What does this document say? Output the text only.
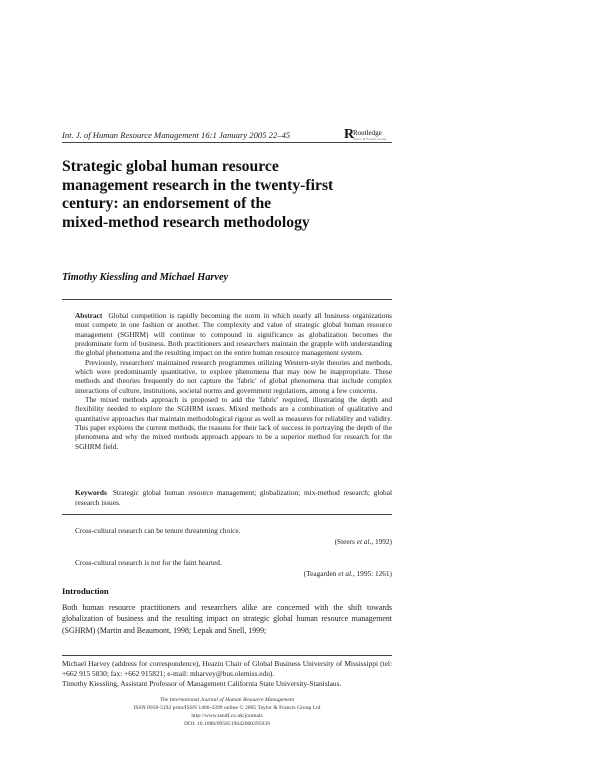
Int. J. of Human Resource Management 16:1 January 2005 22–45	R
Routledge
Taylor & Francis Group
Strategic global human resource
management research in the twenty-first
century: an endorsement of the
mixed-method research methodology
Timothy Kiessling and Michael Harvey

Abstract Global competition is rapidly becoming the norm in which nearly all business organizations must compete in one fashion or another. The complexity and value of strategic global human resource management (SGHRM) will continue to compound in significance as globalization becomes the predominate form of business. Both practitioners and researchers maintain the grapple with understanding the global phenomena and the resulting impact on the entire human resource management system.

Previously, researchers' maintained research programmes utilizing Western-style theories and methods, which were predominantly quantitative, to explore phenomena that may now be inappropriate. These methods and theories frequently do not capture the 'fabric' of global phenomena that include complex interactions of culture, institutions, societal norms and government regulations, among a few concerns.

The mixed methods approach is proposed to add the 'fabric' required, illustrating the depth and flexibility needed to explore the SGHRM issues. Mixed methods are a combination of qualitative and quantitative approaches that maintain methodological rigour as well as measures for reliability and validity. This paper explores the current methods, the reasons for their lack of success in portraying the depth of the phenomena and why the mixed methods approach appears to be a superior method for research for the SGHRM field.

Keywords Strategic global human resource management; globalization; mix-method research; global research issues.
Cross-cultural research can be tenure threatening choice.
(Steers et al., 1992)
Cross-cultural research is not for the faint hearted.
(Teagarden et al., 1995: 1261)
Introduction

Both human resource practitioners and researchers alike are concerned with the shift towards globalization of business and the resulting impact on strategic global human resource management (SGHRM) (Martin and Beaumont, 1998; Lepak and Snell, 1999;

Michael Harvey (address for correspondence), Heazin Chair of Global Business University of Mississippi (tel: +662 915 5830; fax: +662 915821; e-mail: mharvey@bus.olemiss.edu).

Timothy Kiessling, Assistant Professor of Management California State University-Stanislaus.

The International Journal of Human Resource Management
ISSN 0958-5192 print/ISSN 1466-4399 online © 2005 Taylor & Francis Group Ltd
http://www.tandf.co.uk/journals
DOI: 10.1080/0958519042000295939
